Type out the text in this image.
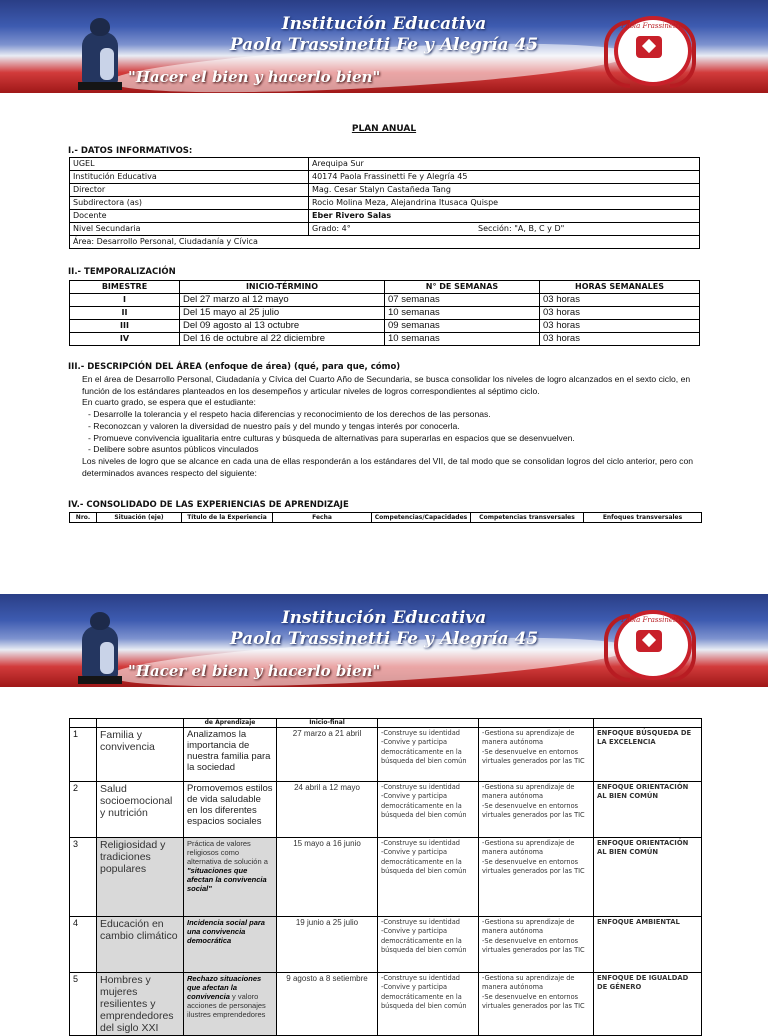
Institución Educativa
Paola Trassinetti Fe y Alegría 45
"Hacer el bien y hacerlo bien"
Paola Frassinetti
PLAN ANUAL
I.- DATOS INFORMATIVOS:
UGEL	Arequipa Sur	
Institución Educativa	40174 Paola Frassinetti Fe y Alegría 45	
Director	Mag. Cesar Stalyn Castañeda Tang	
Subdirectora (as)	Rocio Molina Meza, Alejandrina Itusaca Quispe	
Docente	Eber Rivero Salas	
Nivel Secundaria	Grado: 4°	Sección: "A, B, C y D"
Área: Desarrollo Personal, Ciudadanía y Cívica		
II.- TEMPORALIZACIÓN
BIMESTRE	INICIO-TÉRMINO	N° DE SEMANAS	HORAS SEMANALES
I	Del 27 marzo al 12 mayo	07 semanas	03 horas
II	Del 15 mayo al 25 julio	10 semanas	03 horas
III	Del 09 agosto al 13 octubre	09 semanas	03 horas
IV	Del 16 de octubre al 22 diciembre	10 semanas	03 horas
III.- DESCRIPCIÓN DEL ÁREA (enfoque de área) (qué, para que, cómo)

En el área de Desarrollo Personal, Ciudadanía y Cívica del Cuarto Año de Secundaria, se busca consolidar los niveles de logro alcanzados en el sexto ciclo, en función de los estándares planteados en los desempeños y articular niveles de logros correspondientes al séptimo ciclo.

En cuarto grado, se espera que el estudiante:

- Desarrolle la tolerancia y el respeto hacia diferencias y reconocimiento de los derechos de las personas.
- Reconozcan y valoren la diversidad de nuestro país y del mundo y tengas interés por conocerla.
- Promueve convivencia igualitaria entre culturas y búsqueda de alternativas para superarlas en espacios que se desenvuelven.
- Delibere sobre asuntos públicos vinculados

Los niveles de logro que se alcance en cada una de ellas responderán a los estándares del VII, de tal modo que se consolidan logros del ciclo anterior, pero con determinados avances respecto del siguiente:

IV.- CONSOLIDADO DE LAS EXPERIENCIAS DE APRENDIZAJE
Nro.	Situación (eje)	Título de la Experiencia	Fecha	Competencias/Capacidades	Competencias transversales	Enfoques transversales
Institución Educativa
Paola Trassinetti Fe y Alegría 45
"Hacer el bien y hacerlo bien"
Paola Frassinetti
		de Aprendizaje	Inicio-final			
1	Familia y convivencia	Analizamos la importancia de nuestra familia para la sociedad	27 marzo a 21 abril	-Construye su identidad
-Convive y participa democráticamente en la búsqueda del bien común	-Gestiona su aprendizaje de manera autónoma
-Se desenvuelve en entornos virtuales generados por las TIC	ENFOQUE BÚSQUEDA DE LA EXCELENCIA
2	Salud socioemocional y nutrición	Promovemos estilos de vida saludable en los diferentes espacios sociales	24 abril a 12 mayo	-Construye su identidad
-Convive y participa democráticamente en la búsqueda del bien común	-Gestiona su aprendizaje de manera autónoma
-Se desenvuelve en entornos virtuales generados por las TIC	ENFOQUE ORIENTACIÓN AL BIEN COMÚN
3	Religiosidad y tradiciones populares	Práctica de valores religiosos como alternativa de solución a "situaciones que afectan la convivencia social"	15 mayo a 16 junio	-Construye su identidad
-Convive y participa democráticamente en la búsqueda del bien común	-Gestiona su aprendizaje de manera autónoma
-Se desenvuelve en entornos virtuales generados por las TIC	ENFOQUE ORIENTACIÓN AL BIEN COMÚN
4	Educación en cambio climático	Incidencia social para una convivencia democrática	19 junio a 25 julio	-Construye su identidad
-Convive y participa democráticamente en la búsqueda del bien común	-Gestiona su aprendizaje de manera autónoma
-Se desenvuelve en entornos virtuales generados por las TIC	ENFOQUE AMBIENTAL
5	Hombres y mujeres resilientes y emprendedores del siglo XXI	Rechazo situaciones que afectan la convivencia y valoro acciones de personajes ilustres emprendedores	9 agosto a 8 setiembre	-Construye su identidad
-Convive y participa democráticamente en la búsqueda del bien común	-Gestiona su aprendizaje de manera autónoma
-Se desenvuelve en entornos virtuales generados por las TIC	ENFOQUE DE IGUALDAD DE GÉNERO
